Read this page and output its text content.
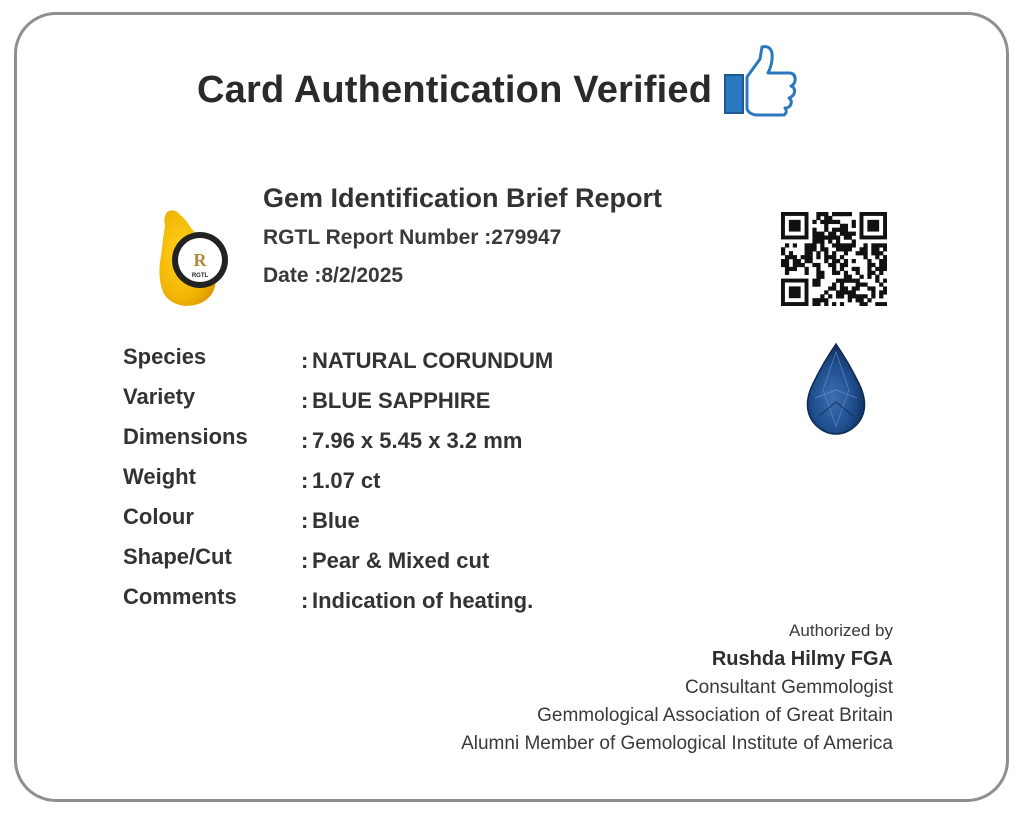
Card Authentication Verified
R
RGTL
Gem Identification Brief Report
RGTL Report Number :279947
Date :8/2/2025
Species	: NATURAL CORUNDUM
Variety	: BLUE SAPPHIRE
Dimensions	: 7.96 x 5.45 x 3.2 mm
Weight	: 1.07 ct
Colour	: Blue
Shape/Cut	: Pear & Mixed cut
Comments	: Indication of heating.
Authorized by
Rushda Hilmy FGA
Consultant Gemmologist
Gemmological Association of Great Britain
Alumni Member of Gemological Institute of America
